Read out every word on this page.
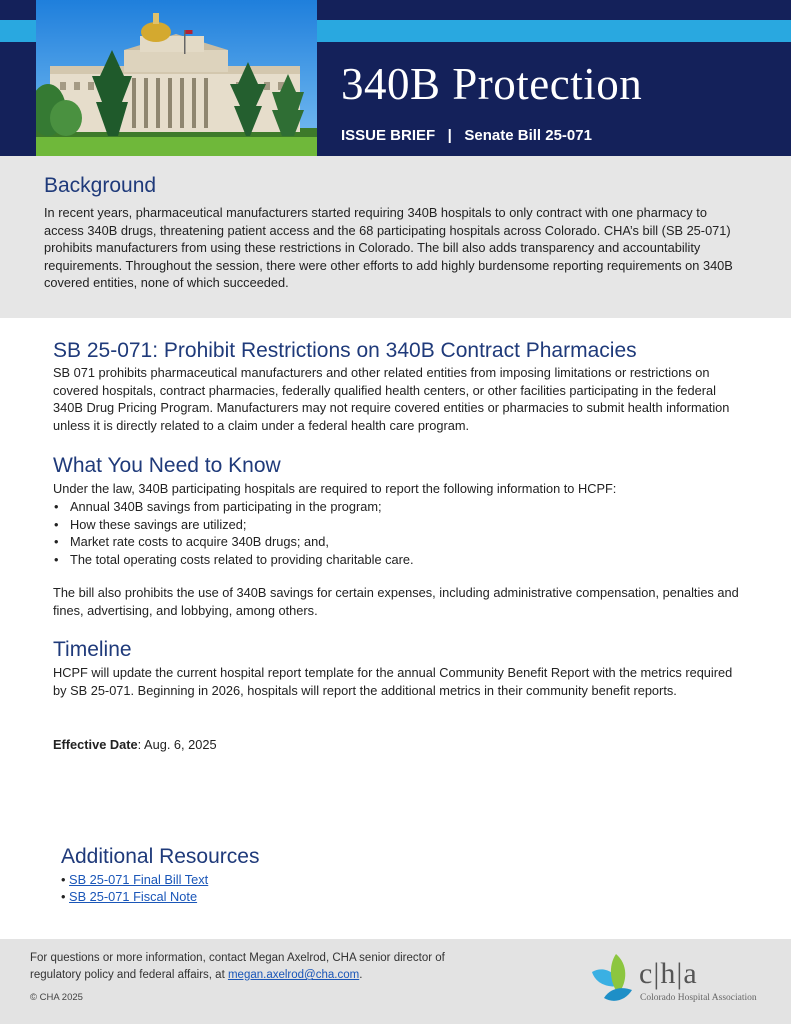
340B Protection
ISSUE BRIEF   |   Senate Bill 25-071
Background
In recent years, pharmaceutical manufacturers started requiring 340B hospitals to only contract with one pharmacy to access 340B drugs, threatening patient access and the 68 participating hospitals across Colorado. CHA’s bill (SB 25-071) prohibits manufacturers from using these restrictions in Colorado. The bill also adds transparency and accountability requirements. Throughout the session, there were other efforts to add highly burdensome reporting requirements on 340B covered entities, none of which succeeded.
SB 25-071: Prohibit Restrictions on 340B Contract Pharmacies
SB 071 prohibits pharmaceutical manufacturers and other related entities from imposing limitations or restrictions on covered hospitals, contract pharmacies, federally qualified health centers, or other facilities participating in the federal 340B Drug Pricing Program. Manufacturers may not require covered entities or pharmacies to submit health information unless it is directly related to a claim under a federal health care program.
What You Need to Know
Under the law, 340B participating hospitals are required to report the following information to HCPF:
• Annual 340B savings from participating in the program;
• How these savings are utilized;
• Market rate costs to acquire 340B drugs; and,
• The total operating costs related to providing charitable care.
The bill also prohibits the use of 340B savings for certain expenses, including administrative compensation, penalties and fines, advertising, and lobbying, among others.
Timeline
HCPF will update the current hospital report template for the annual Community Benefit Report with the metrics required by SB 25-071. Beginning in 2026, hospitals will report the additional metrics in their community benefit reports.
Effective Date: Aug. 6, 2025
Additional Resources
• SB 25-071 Final Bill Text
• SB 25-071 Fiscal Note
For questions or more information, contact Megan Axelrod, CHA senior director of regulatory policy and federal affairs, at megan.axelrod@cha.com.
© CHA 2025
c|h|a
Colorado Hospital Association
